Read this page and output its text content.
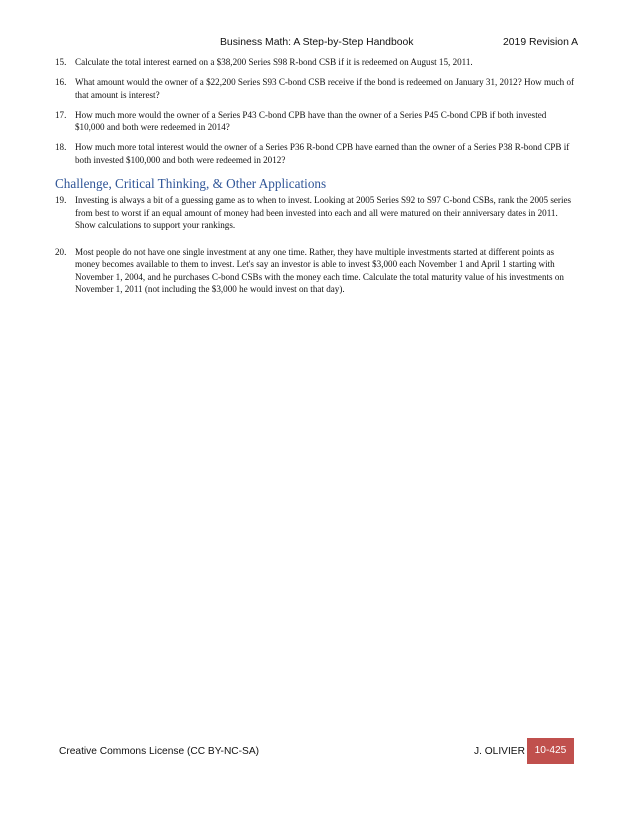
Business Math: A Step-by-Step Handbook	2019 Revision A
15. Calculate the total interest earned on a $38,200 Series S98 R-bond CSB if it is redeemed on August 15, 2011.
16. What amount would the owner of a $22,200 Series S93 C-bond CSB receive if the bond is redeemed on January 31, 2012? How much of that amount is interest?
17. How much more would the owner of a Series P43 C-bond CPB have than the owner of a Series P45 C-bond CPB if both invested $10,000 and both were redeemed in 2014?
18. How much more total interest would the owner of a Series P36 R-bond CPB have earned than the owner of a Series P38 R-bond CPB if both invested $100,000 and both were redeemed in 2012?
Challenge, Critical Thinking, & Other Applications
19. Investing is always a bit of a guessing game as to when to invest. Looking at 2005 Series S92 to S97 C-bond CSBs, rank the 2005 series from best to worst if an equal amount of money had been invested into each and all were matured on their anniversary dates in 2011. Show calculations to support your rankings.
20. Most people do not have one single investment at any one time. Rather, they have multiple investments started at different points as money becomes available to them to invest. Let's say an investor is able to invest $3,000 each November 1 and April 1 starting with November 1, 2004, and he purchases C-bond CSBs with the money each time. Calculate the total maturity value of his investments on November 1, 2011 (not including the $3,000 he would invest on that day).
Creative Commons License (CC BY-NC-SA)	J. OLIVIER 10-425
